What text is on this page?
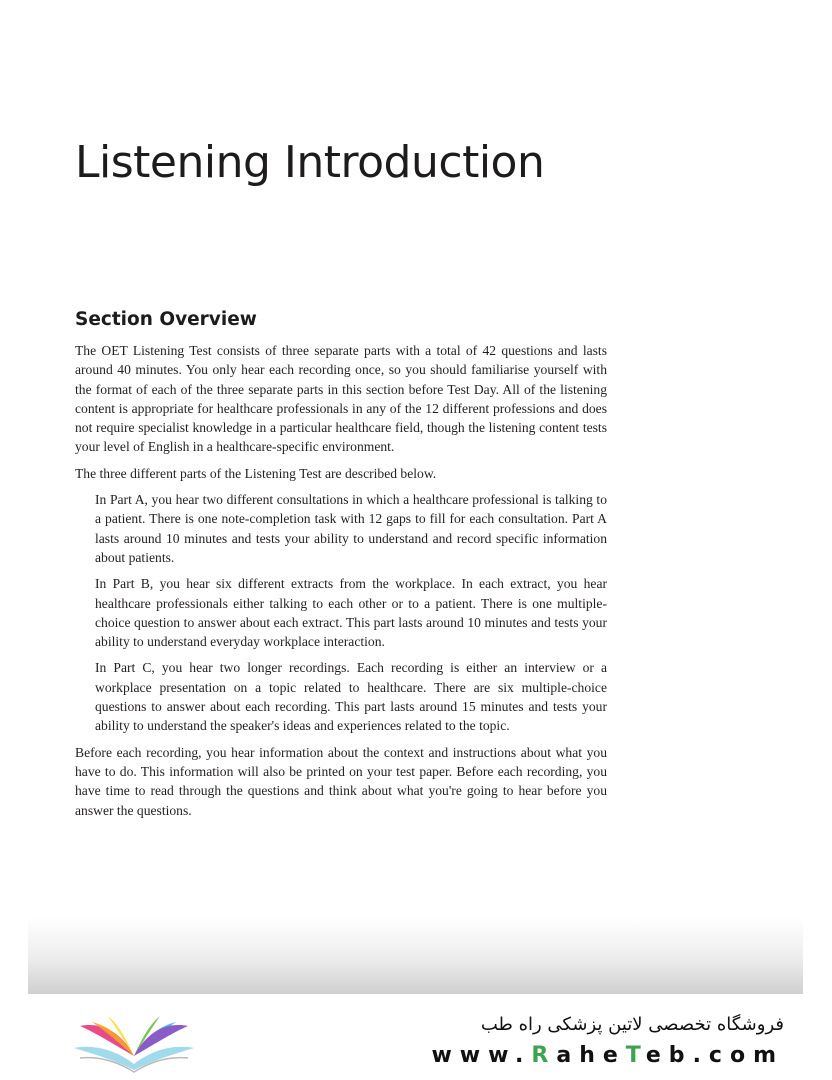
Listening Introduction
Section Overview

The OET Listening Test consists of three separate parts with a total of 42 questions and lasts around 40 minutes. You only hear each recording once, so you should familiarise yourself with the format of each of the three separate parts in this section before Test Day. All of the listening content is appropriate for healthcare professionals in any of the 12 different professions and does not require specialist knowledge in a particular healthcare field, though the listening content tests your level of English in a healthcare-specific environment.

The three different parts of the Listening Test are described below.

In Part A, you hear two different consultations in which a healthcare professional is talking to a patient. There is one note-completion task with 12 gaps to fill for each consultation. Part A lasts around 10 minutes and tests your ability to understand and record specific information about patients.

In Part B, you hear six different extracts from the workplace. In each extract, you hear healthcare professionals either talking to each other or to a patient. There is one multiple-choice question to answer about each extract. This part lasts around 10 minutes and tests your ability to understand everyday workplace interaction.

In Part C, you hear two longer recordings. Each recording is either an interview or a workplace presentation on a topic related to healthcare. There are six multiple-choice questions to answer about each recording. This part lasts around 15 minutes and tests your ability to understand the speaker's ideas and experiences related to the topic.

Before each recording, you hear information about the context and instructions about what you have to do. This information will also be printed on your test paper. Before each recording, you have time to read through the questions and think about what you're going to hear before you answer the questions.

فروشگاه تخصصی لاتین پزشکی راه طب
www.RaheTeb.com
